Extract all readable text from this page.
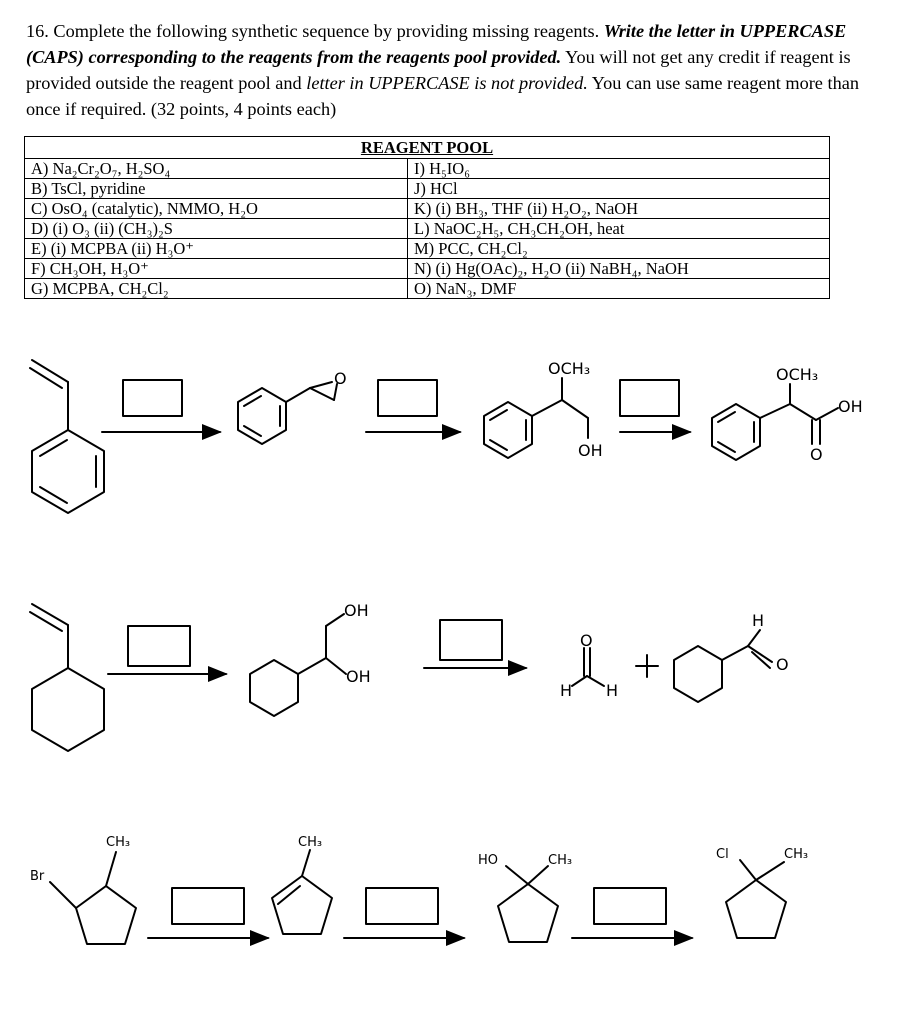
16. Complete the following synthetic sequence by providing missing reagents. Write the letter in UPPERCASE (CAPS) corresponding to the reagents from the reagents pool provided. You will not get any credit if reagent is provided outside the reagent pool and letter in UPPERCASE is not provided. You can use same reagent more than once if required. (32 points, 4 points each)
REAGENT POOL	
A) Na₂Cr₂O₇, H₂SO₄	I) H₅IO₆
B) TsCl, pyridine	J) HCl
C) OsO₄ (catalytic), NMMO, H₂O	K) (i) BH₃, THF (ii) H₂O₂, NaOH
D) (i) O₃ (ii) (CH₃)₂S	L) NaOC₂H₅, CH₃CH₂OH, heat
E) (i) MCPBA (ii) H₃O⁺	M) PCC, CH₂Cl₂
F) CH₃OH, H₃O⁺	N) (i) Hg(OAc)₂, H₂O (ii) NaBH₄, NaOH
G) MCPBA, CH₂Cl₂	O) NaN₃, DMF
O
OCH₃
OH
OCH₃
OH
O
OH
OH
O
H H
H
O
CH₃
Br
CH₃
HO	CH₃	Cl	CH₃
+
